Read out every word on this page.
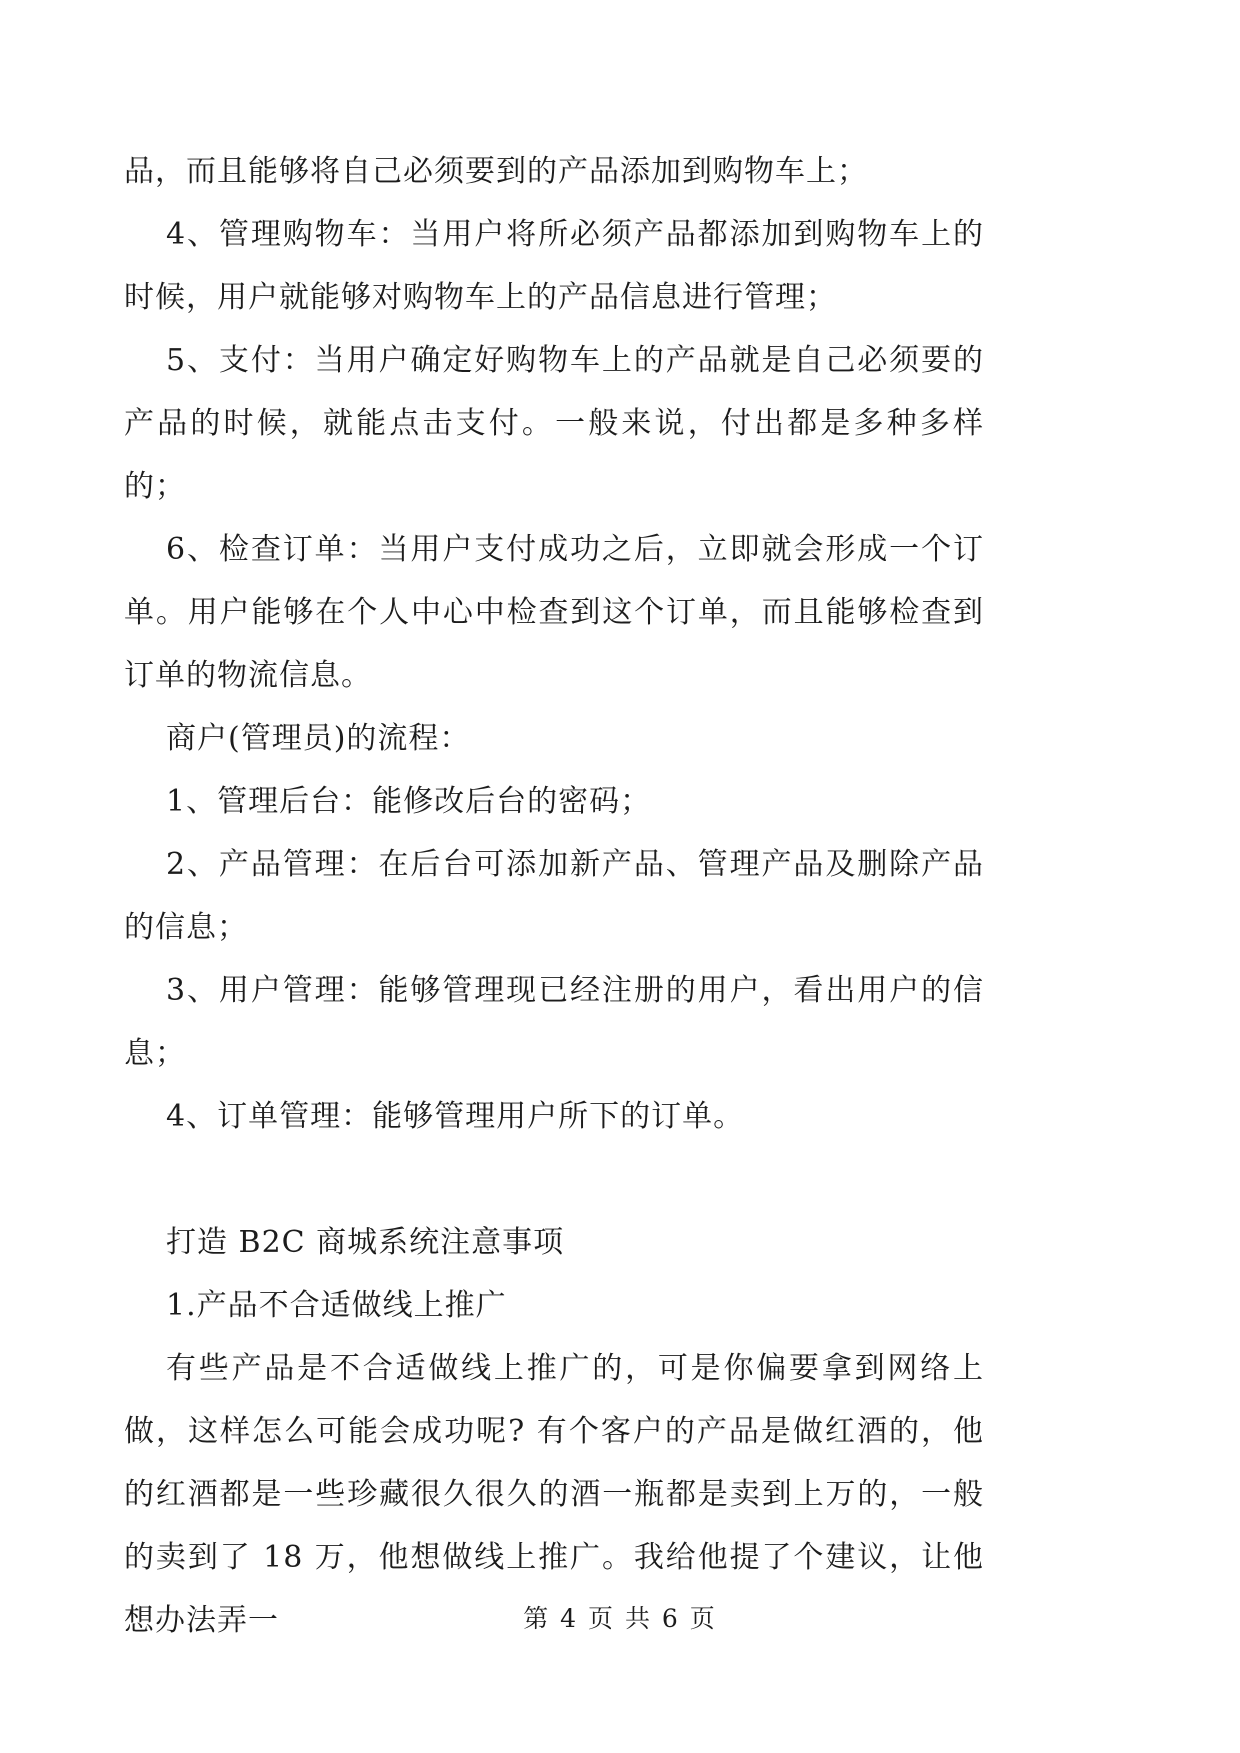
品，而且能够将自己必须要到的产品添加到购物车上；

4、管理购物车：当用户将所必须产品都添加到购物车上的时候，用户就能够对购物车上的产品信息进行管理；

5、支付：当用户确定好购物车上的产品就是自己必须要的产品的时候，就能点击支付。一般来说，付出都是多种多样的；

6、检查订单：当用户支付成功之后，立即就会形成一个订单。用户能够在个人中心中检查到这个订单，而且能够检查到订单的物流信息。

商户(管理员)的流程：

1、管理后台：能修改后台的密码；

2、产品管理：在后台可添加新产品、管理产品及删除产品的信息；

3、用户管理：能够管理现已经注册的用户，看出用户的信息；

4、订单管理：能够管理用户所下的订单。

打造 B2C 商城系统注意事项

1.产品不合适做线上推广

有些产品是不合适做线上推广的，可是你偏要拿到网络上做，这样怎么可能会成功呢? 有个客户的产品是做红酒的，他的红酒都是一些珍藏很久很久的酒一瓶都是卖到上万的，一般的卖到了 18 万，他想做线上推广。我给他提了个建议，让他想办法弄一	第 4 页 共 6 页
